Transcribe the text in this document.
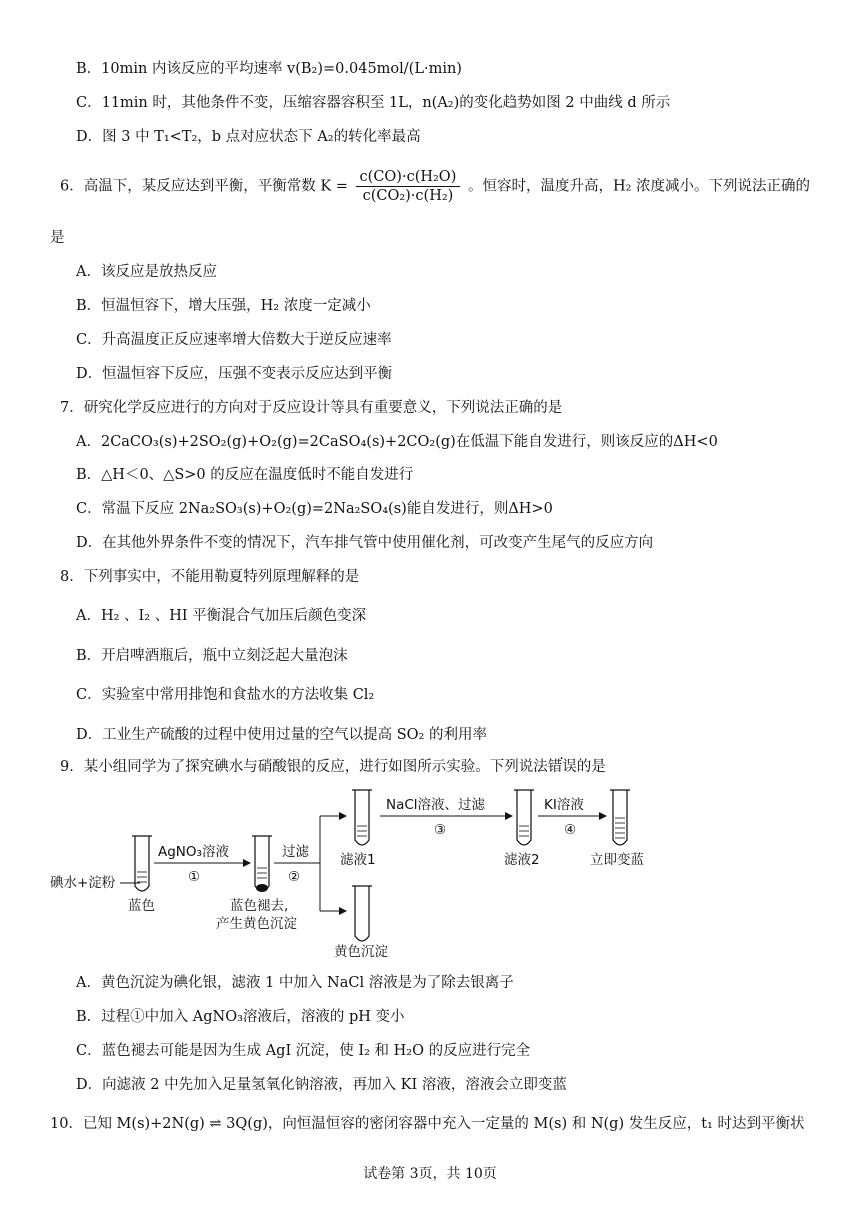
B．10min 内该反应的平均速率 v(B₂)=0.045mol/(L·min)
C．11min 时，其他条件不变，压缩容器容积至 1L，n(A₂)的变化趋势如图 2 中曲线 d 所示
D．图 3 中 T₁<T₂，b 点对应状态下 A₂的转化率最高
6．高温下，某反应达到平衡，平衡常数 $K = \frac{\text{c(CO)·c(H₂O)}}{\text{c(CO₂)·c(H₂)}}$ 。恒容时，温度升高，H₂ 浓度减小。下列说法正确的
是
A．该反应是放热反应
B．恒温恒容下，增大压强，H₂ 浓度一定减小
C．升高温度正反应速率增大倍数大于逆反应速率
D．恒温恒容下反应，压强不变表示反应达到平衡
7．研究化学反应进行的方向对于反应设计等具有重要意义，下列说法正确的是
A．2CaCO₃(s)+2SO₂(g)+O₂(g)=2CaSO₄(s)+2CO₂(g)在低温下能自发进行，则该反应的ΔH<0
B．△H＜0、△S>0 的反应在温度低时不能自发进行
C．常温下反应 2Na₂SO₃(s)+O₂(g)=2Na₂SO₄(s)能自发进行，则ΔH>0
D．在其他外界条件不变的情况下，汽车排气管中使用催化剂，可改变产生尾气的反应方向
8．下列事实中，不能用勒夏特列原理解释的是
A．H₂ 、I₂ 、HI 平衡混合气加压后颜色变深
B．开启啤酒瓶后，瓶中立刻泛起大量泡沫
C．实验室中常用排饱和食盐水的方法收集 Cl₂
D．工业生产硫酸的过程中使用过量的空气以提高 SO₂ 的利用率
9．某小组同学为了探究碘水与硝酸银的反应，进行如图所示实验。下列说法错误的是
碘水+淀粉
蓝色
AgNO₃溶液
①
蓝色褪去,
产生黄色沉淀
过滤
②
滤液1
黄色沉淀
NaCl溶液、过滤
③
滤液2
KI溶液
④
立即变蓝
A．黄色沉淀为碘化银，滤液 1 中加入 NaCl 溶液是为了除去银离子
B．过程①中加入 AgNO₃溶液后，溶液的 pH 变小
C．蓝色褪去可能是因为生成 AgI 沉淀，使 I₂ 和 H₂O 的反应进行完全
D．向滤液 2 中先加入足量氢氧化钠溶液，再加入 KI 溶液，溶液会立即变蓝
10．已知 M(s)+2N(g) ⇌ 3Q(g)，向恒温恒容的密闭容器中充入一定量的 M(s) 和 N(g) 发生反应，t₁ 时达到平衡状
试卷第 3页，共 10页
